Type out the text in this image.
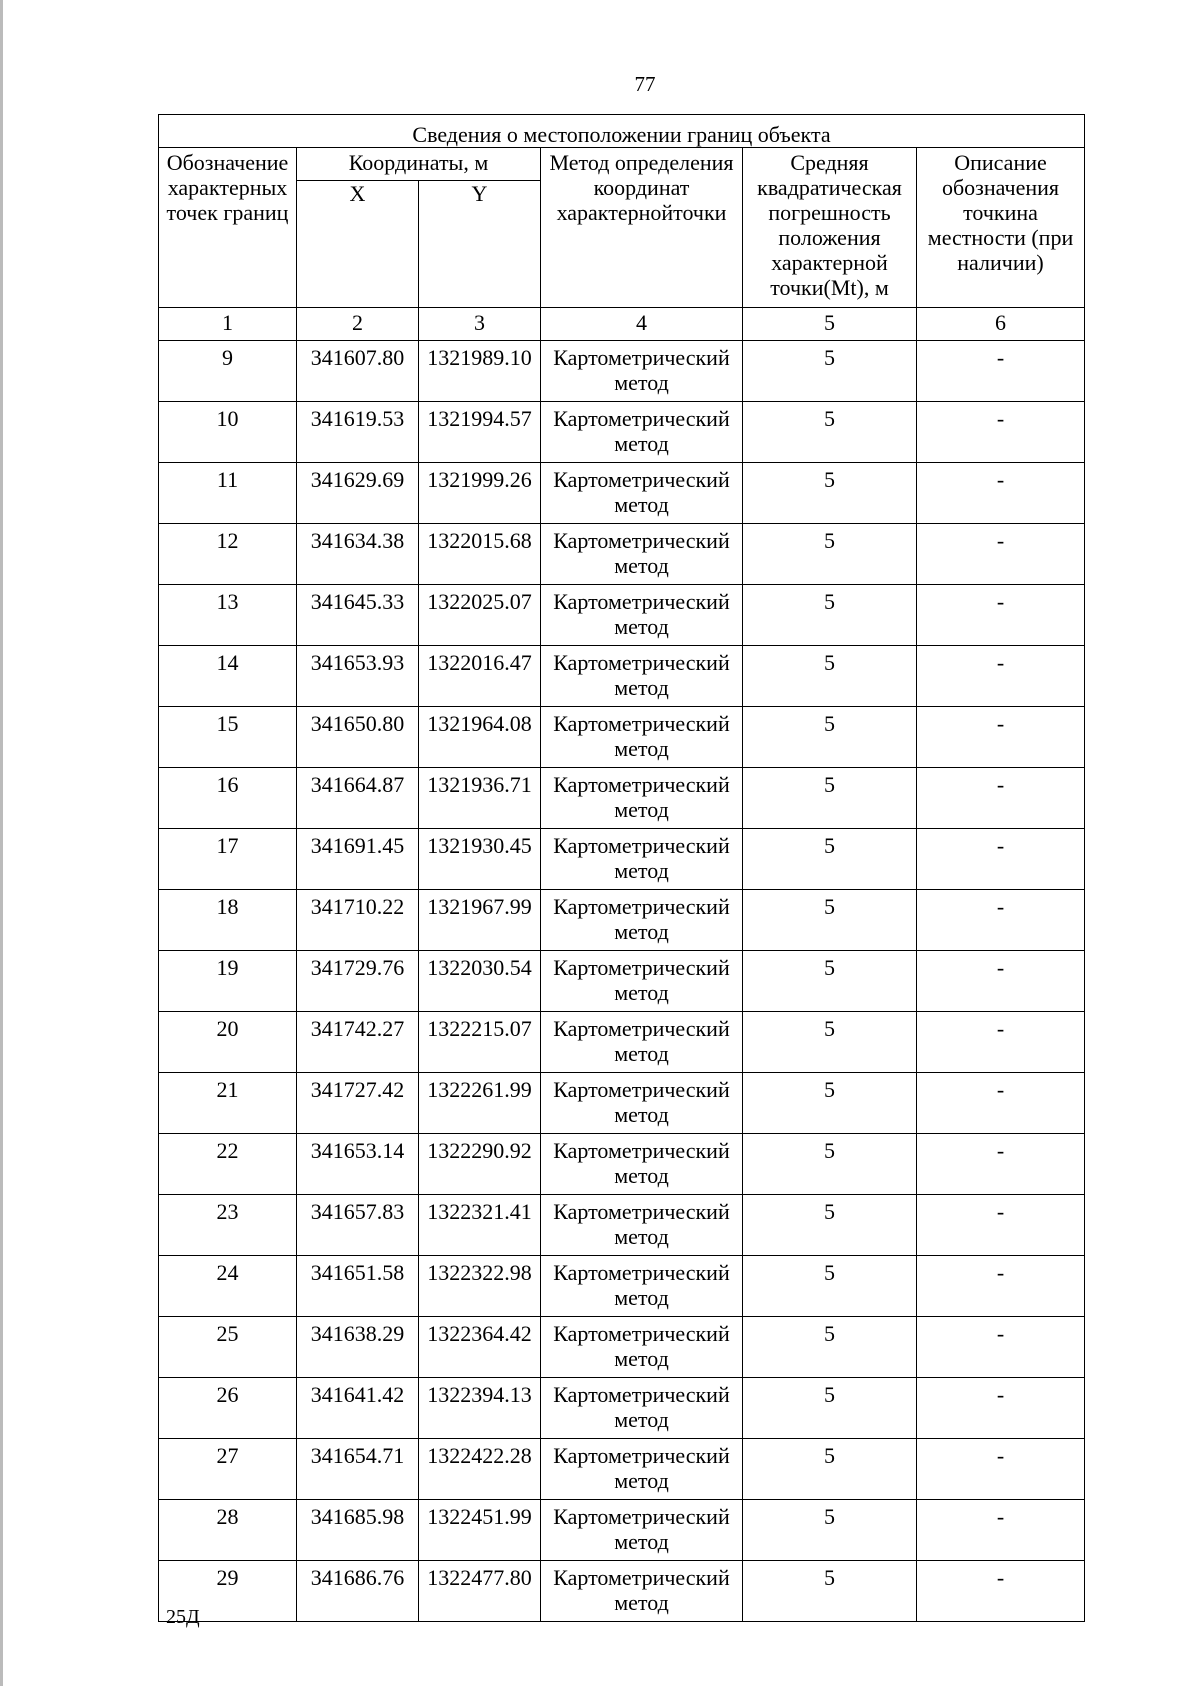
77
Сведения о местоположении границ объекта					
Обозначение характерных точек границ	Координаты, м		Метод определения координат характернойточки	Средняя квадратическая погрешность положения характерной точки(Mt), м	Описание обозначения точкина местности (при наличии)
	X	Y			
1	2	3	4	5	6
9	341607.80	1321989.10	Картометрический метод	5	-
10	341619.53	1321994.57	Картометрический метод	5	-
11	341629.69	1321999.26	Картометрический метод	5	-
12	341634.38	1322015.68	Картометрический метод	5	-
13	341645.33	1322025.07	Картометрический метод	5	-
14	341653.93	1322016.47	Картометрический метод	5	-
15	341650.80	1321964.08	Картометрический метод	5	-
16	341664.87	1321936.71	Картометрический метод	5	-
17	341691.45	1321930.45	Картометрический метод	5	-
18	341710.22	1321967.99	Картометрический метод	5	-
19	341729.76	1322030.54	Картометрический метод	5	-
20	341742.27	1322215.07	Картометрический метод	5	-
21	341727.42	1322261.99	Картометрический метод	5	-
22	341653.14	1322290.92	Картометрический метод	5	-
23	341657.83	1322321.41	Картометрический метод	5	-
24	341651.58	1322322.98	Картометрический метод	5	-
25	341638.29	1322364.42	Картометрический метод	5	-
26	341641.42	1322394.13	Картометрический метод	5	-
27	341654.71	1322422.28	Картометрический метод	5	-
28	341685.98	1322451.99	Картометрический метод	5	-
29	341686.76	1322477.80	Картометрический метод	5	-
25Д
